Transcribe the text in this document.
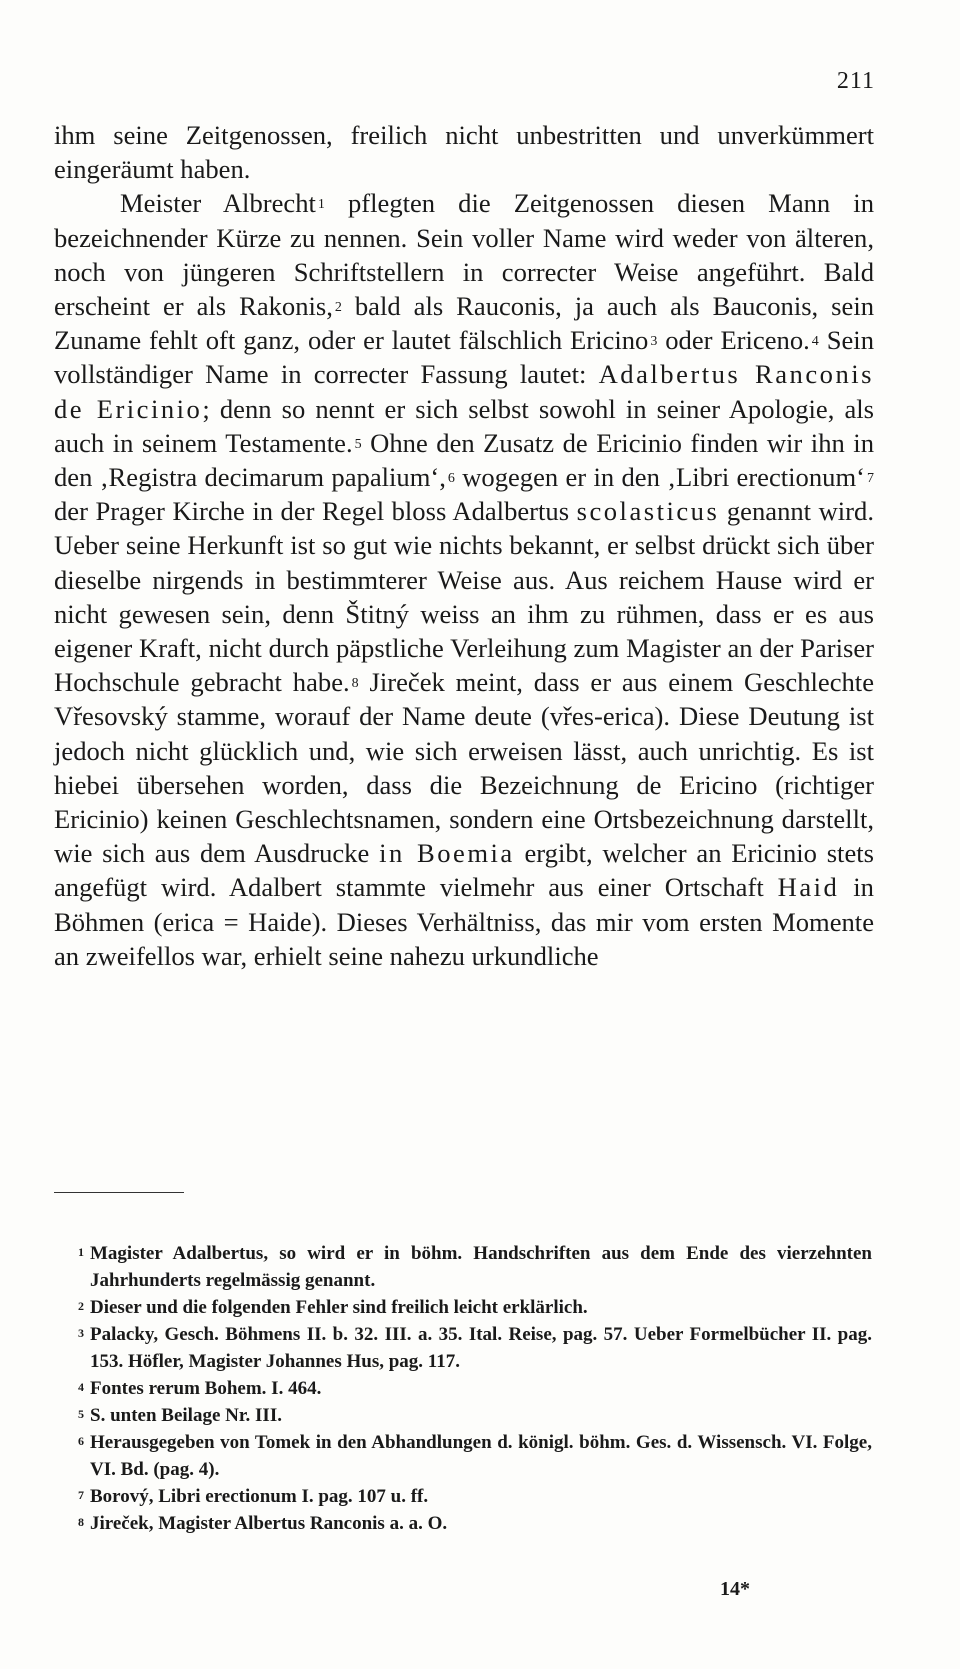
211

ihm seine Zeitgenossen, freilich nicht unbestritten und unverkümmert eingeräumt haben.

Meister Albrecht $^1$ pflegten die Zeitgenossen diesen Mann in bezeichnender Kürze zu nennen. Sein voller Name wird weder von älteren, noch von jüngeren Schriftstellern in correcter Weise angeführt. Bald erscheint er als Rakonis, $^2$ bald als Rauconis, ja auch als Bauconis, sein Zuname fehlt oft ganz, oder er lautet fälschlich Ericino $^3$ oder Ericeno. $^4$ Sein vollständiger Name in correcter Fassung lautet: Adalbertus Ranconis de Ericinio; denn so nennt er sich selbst sowohl in seiner Apologie, als auch in seinem Testamente. $^5$ Ohne den Zusatz de Ericinio finden wir ihn in den ‚Registra decimarum papalium‘, $^6$ wogegen er in den ‚Libri erectionum‘ $^7$ der Prager Kirche in der Regel bloss Adalbertus scolasticus genannt wird. Ueber seine Herkunft ist so gut wie nichts bekannt, er selbst drückt sich über dieselbe nirgends in bestimmterer Weise aus. Aus reichem Hause wird er nicht gewesen sein, denn Štitný weiss an ihm zu rühmen, dass er es aus eigener Kraft, nicht durch päpstliche Verleihung zum Magister an der Pariser Hochschule gebracht habe. $^8$ Jireček meint, dass er aus einem Geschlechte Vřesovský stamme, worauf der Name deute (vřes-erica). Diese Deutung ist jedoch nicht glücklich und, wie sich erweisen lässt, auch unrichtig. Es ist hiebei übersehen worden, dass die Bezeichnung de Ericino (richtiger Ericinio) keinen Geschlechtsnamen, sondern eine Ortsbezeichnung darstellt, wie sich aus dem Ausdrucke in Boemia ergibt, welcher an Ericinio stets angefügt wird. Adalbert stammte vielmehr aus einer Ortschaft Haid in Böhmen (erica = Haide). Dieses Verhältniss, das mir vom ersten Momente an zweifellos war, erhielt seine nahezu urkundliche

1 Magister Adalbertus, so wird er in böhm. Handschriften aus dem Ende des vierzehnten Jahrhunderts regelmässig genannt.
2 Dieser und die folgenden Fehler sind freilich leicht erklärlich.
3 Palacky, Gesch. Böhmens II. b. 32. III. a. 35. Ital. Reise, pag. 57. Ueber Formelbücher II. pag. 153. Höfler, Magister Johannes Hus, pag. 117.
4 Fontes rerum Bohem. I. 464.
5 S. unten Beilage Nr. III.
6 Herausgegeben von Tomek in den Abhandlungen d. königl. böhm. Ges. d. Wissensch. VI. Folge, VI. Bd. (pag. 4).
7 Borový, Libri erectionum I. pag. 107 u. ff.
8 Jireček, Magister Albertus Ranconis a. a. O.
14*
